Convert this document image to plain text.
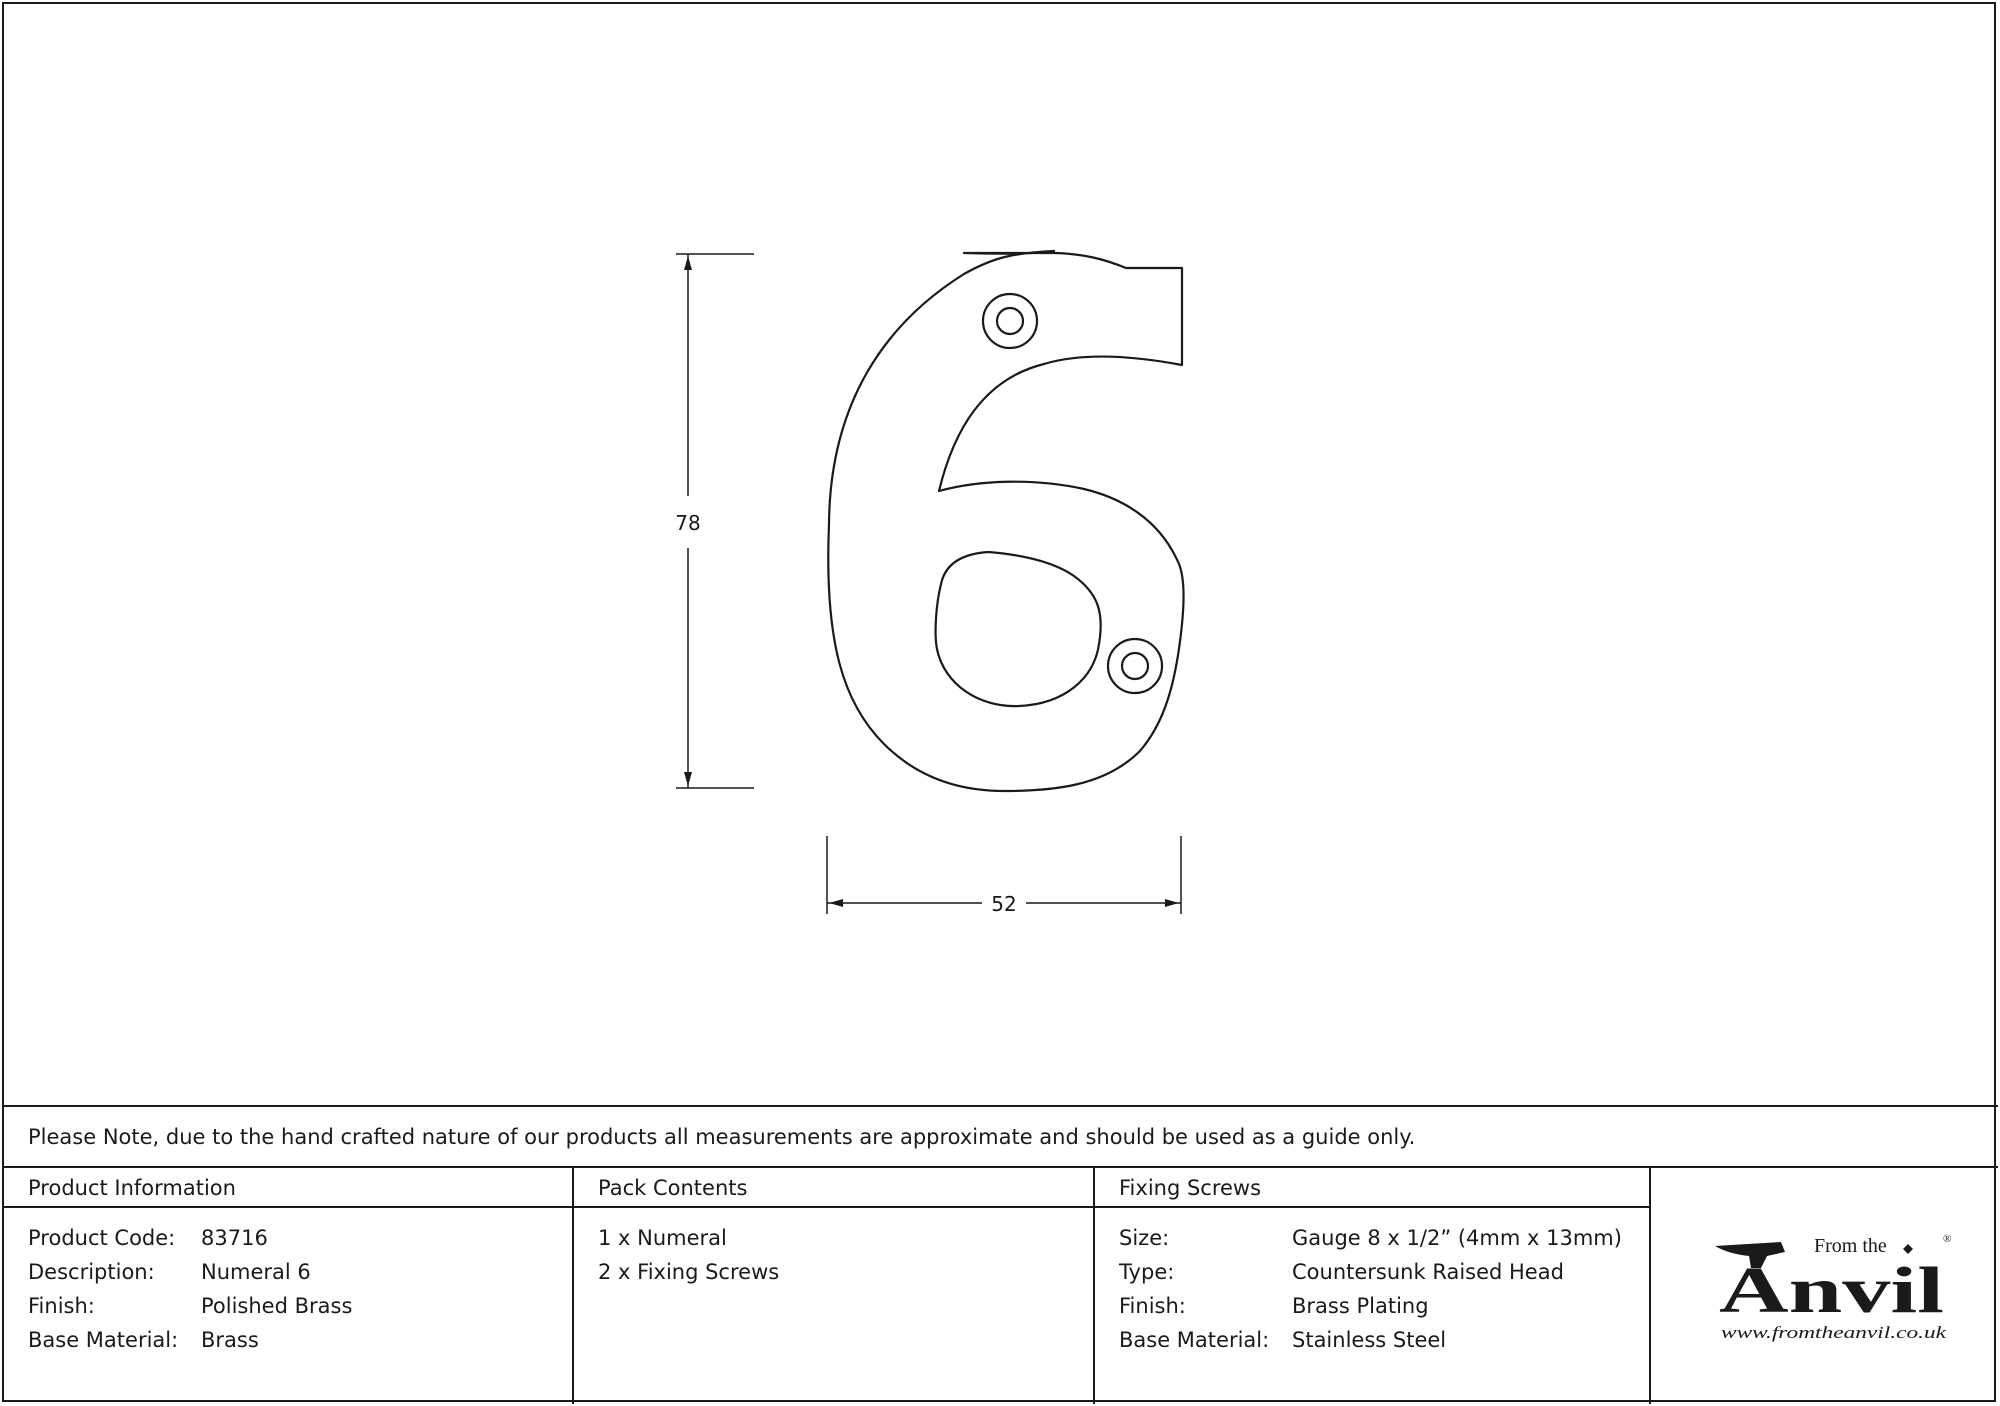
78
52
Please Note, due to the hand crafted nature of our products all measurements are approximate and should be used as a guide only.
Product Information
Product Code: 83716
Description: Numeral 6
Finish:	Polished Brass
Base Material: Brass
Pack Contents
1 x Numeral
2 x Fixing Screws
Fixing Screws
Size:	Gauge 8 x 1/2” (4mm x 13mm)
Type:	Countersunk Raised Head
Finish:	Brass Plating
Base Material: Stainless Steel
From the	®
Anvil
www.fromtheanvil.co.uk
